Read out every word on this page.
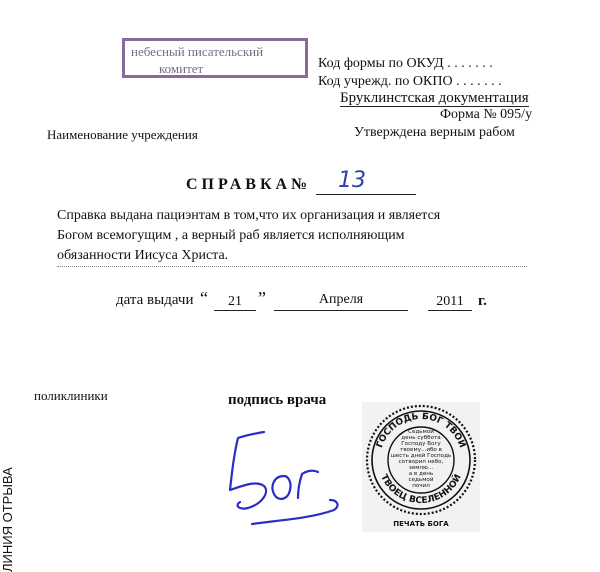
небесный писательский
комитет	Код формы по ОКУД . . . . . . .
Код учрежд. по ОКПО . . . . . . .
Бруклинстская документация
Форма № 095/у
Утверждена верным рабом
Наименование учреждения
СПРАВКА№ 13
Справка выдана пациэнтам в том,что их организация и является
Богом всемогущим , а верный раб является исполняющим
обязанности Иисуса Христа.
дата выдачи “	21 ”	Апреля	2011 г.
поликлиники	подпись врача
ГОСПОДЬ БОГ ТВОЙ
ТВОЕЦ ВСЕЛЕННОЙ
Седьмой
день суббота
Господу Богу
твоему...ибо в
шесть дней Господь
сотворил небо,
землю...
а в день
седьмой
почил
ПЕЧАТЬ БОГА
ЛИНИЯ ОТРЫВА
